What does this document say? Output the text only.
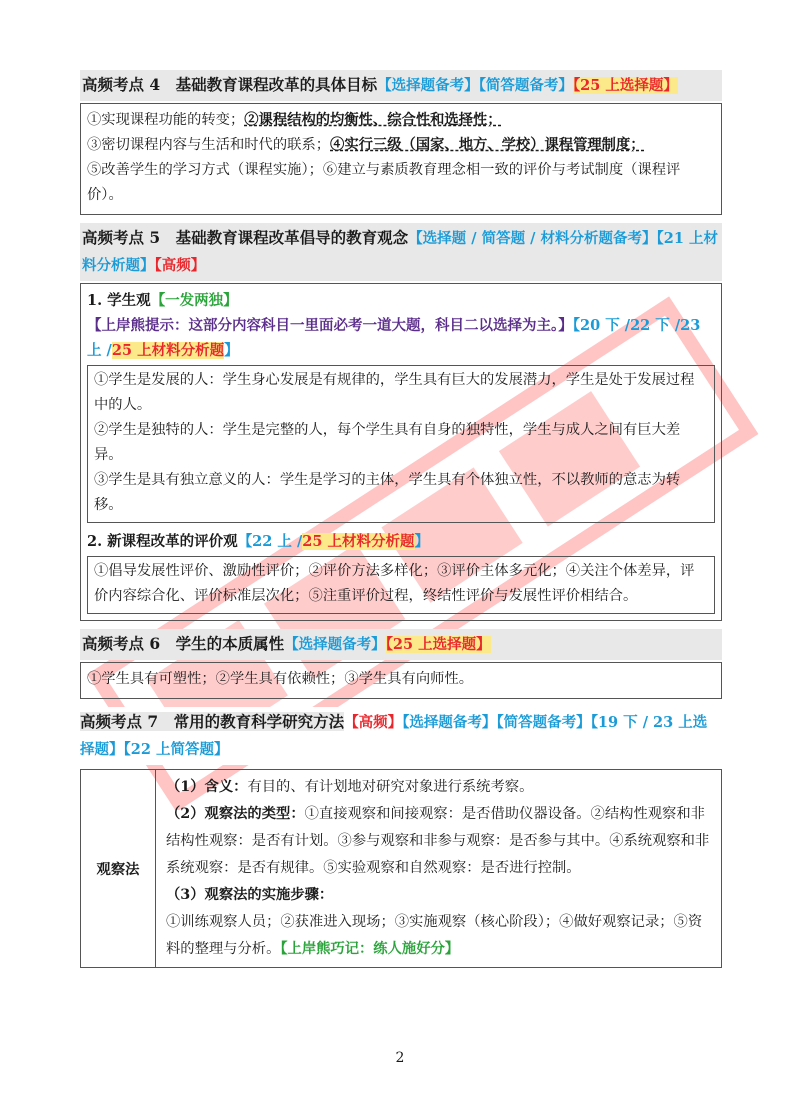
高频考点 4　基础教育课程改革的具体目标【选择题备考】【简答题备考】【25 上选择题】

①实现课程功能的转变；②课程结构的均衡性、综合性和选择性；

③密切课程内容与生活和时代的联系；④实行三级（国家、地方、学校）课程管理制度；

⑤改善学生的学习方式（课程实施）；⑥建立与素质教育理念相一致的评价与考试制度（课程评价）。

高频考点 5　基础教育课程改革倡导的教育观念【选择题 / 简答题 / 材料分析题备考】【21 上材料分析题】【高频】
1. 学生观【一发两独】【上岸熊提示：这部分内容科目一里面必考一道大题，科目二以选择为主。】【20 下 /22 下 /23 上 /25 上材料分析题】

①学生是发展的人：学生身心发展是有规律的，学生具有巨大的发展潜力，学生是处于发展过程中的人。

②学生是独特的人：学生是完整的人，每个学生具有自身的独特性，学生与成人之间有巨大差异。

③学生是具有独立意义的人：学生是学习的主体，学生具有个体独立性，不以教师的意志为转移。

2. 新课程改革的评价观【22 上 /25 上材料分析题】

①倡导发展性评价、激励性评价；②评价方法多样化；③评价主体多元化；④关注个体差异，评价内容综合化、评价标准层次化；⑤注重评价过程，终结性评价与发展性评价相结合。

高频考点 6　学生的本质属性【选择题备考】【25 上选择题】

①学生具有可塑性；②学生具有依赖性；③学生具有向师性。

高频考点 7　常用的教育科学研究方法【高频】【选择题备考】【简答题备考】【19 下 / 23 上选择题】【22 上简答题】
观察法	

（1）含义：有目的、有计划地对研究对象进行系统考察。

（2）观察法的类型：①直接观察和间接观察：是否借助仪器设备。②结构性观察和非结构性观察：是否有计划。③参与观察和非参与观察：是否参与其中。④系统观察和非系统观察：是否有规律。⑤实验观察和自然观察：是否进行控制。

（3）观察法的实施步骤：

①训练观察人员；②获准进入现场；③实施观察（核心阶段）；④做好观察记录；⑤资料的整理与分析。【上岸熊巧记：练人施好分】

2
